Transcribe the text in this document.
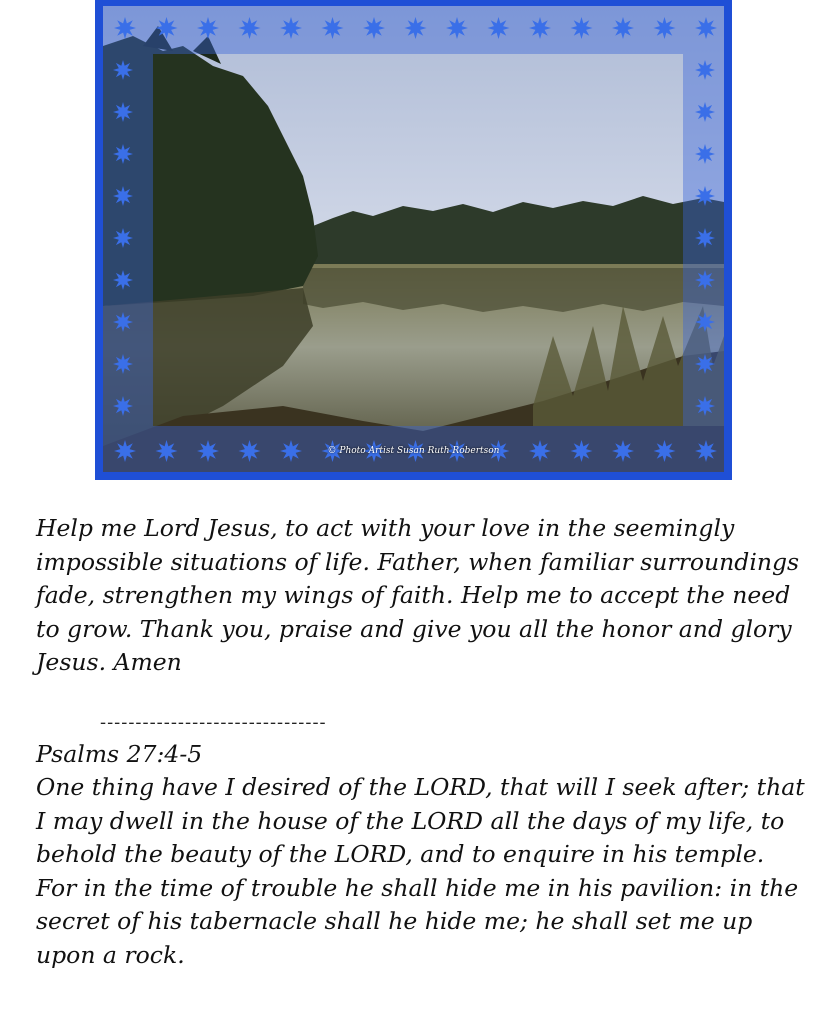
© Photo Artist Susan Ruth Robertson
Help me Lord Jesus, to act with your love in the seemingly impossible situations of life. Father, when familiar surroundings fade, strengthen my wings of faith. Help me to accept the need to grow. Thank you, praise and give you all the honor and glory Jesus. Amen
--------------------------------
Psalms 27:4-5
One thing have I desired of the LORD, that will I seek after; that I may dwell in the house of the LORD all the days of my life, to behold the beauty of the LORD, and to enquire in his temple. For in the time of trouble he shall hide me in his pavilion: in the secret of his tabernacle shall he hide me; he shall set me up upon a rock.
